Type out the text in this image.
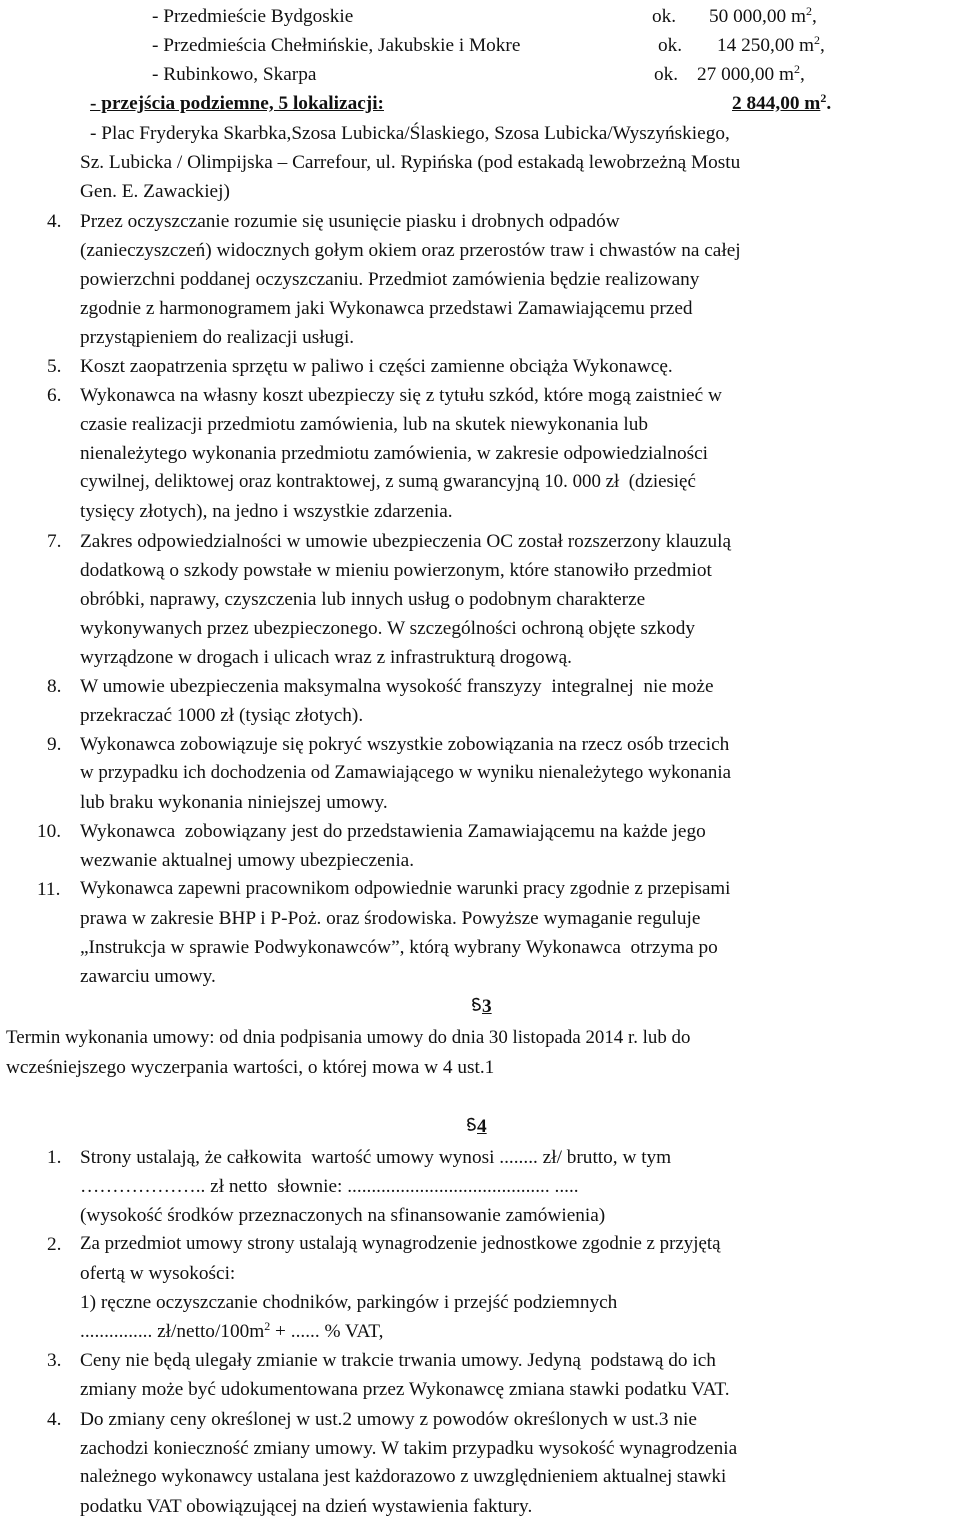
- Przedmieście Bydgoskie	ok. 50 000,00 $m^2$,
- Przedmieścia Chełmińskie, Jakubskie i Mokre	ok. 14 250,00 $m^2$,
- Rubinkowo, Skarpa	ok. 27 000,00 $m^2$,
- przejścia podziemne, 5 lokalizacji:	2 844,00 $m^2$.
- Plac Fryderyka Skarbka,Szosa Lubicka/Ślaskiego, Szosa Lubicka/Wyszyńskiego,
Sz. Lubicka / Olimpijska – Carrefour, ul. Rypińska (pod estakadą lewobrzeżną Mostu
Gen. E. Zawackiej)
4. Przez oczyszczanie rozumie się usunięcie piasku i drobnych odpadów
(zanieczyszczeń) widocznych gołym okiem oraz przerostów traw i chwastów na całej
powierzchni poddanej oczyszczaniu. Przedmiot zamówienia będzie realizowany
zgodnie z harmonogramem jaki Wykonawca przedstawi Zamawiającemu przed
przystąpieniem do realizacji usługi.
5. Koszt zaopatrzenia sprzętu w paliwo i części zamienne obciąża Wykonawcę.
6. Wykonawca na własny koszt ubezpieczy się z tytułu szkód, które mogą zaistnieć w
czasie realizacji przedmiotu zamówienia, lub na skutek niewykonania lub
nienależytego wykonania przedmiotu zamówienia, w zakresie odpowiedzialności
cywilnej, deliktowej oraz kontraktowej, z sumą gwarancyjną 10. 000 zł  (dziesięć
tysięcy złotych), na jedno i wszystkie zdarzenia.
7. Zakres odpowiedzialności w umowie ubezpieczenia OC został rozszerzony klauzulą
dodatkową o szkody powstałe w mieniu powierzonym, które stanowiło przedmiot
obróbki, naprawy, czyszczenia lub innych usług o podobnym charakterze
wykonywanych przez ubezpieczonego. W szczególności ochroną objęte szkody
wyrządzone w drogach i ulicach wraz z infrastrukturą drogową.
8. W umowie ubezpieczenia maksymalna wysokość franszyzy  integralnej  nie może
przekraczać 1000 zł (tysiąc złotych).
9. Wykonawca zobowiązuje się pokryć wszystkie zobowiązania na rzecz osób trzecich
w przypadku ich dochodzenia od Zamawiającego w wyniku nienależytego wykonania
lub braku wykonania niniejszej umowy.
10. Wykonawca  zobowiązany jest do przedstawienia Zamawiającemu na każde jego
wezwanie aktualnej umowy ubezpieczenia.
11. Wykonawca zapewni pracownikom odpowiednie warunki pracy zgodnie z przepisami
prawa w zakresie BHP i P-Poż. oraz środowiska. Powyższe wymaganie reguluje
„Instrukcja w sprawie Podwykonawców”, którą wybrany Wykonawca  otrzyma po
zawarciu umowy.
3
Termin wykonania umowy: od dnia podpisania umowy do dnia 30 listopada 2014 r. lub do
wcześniejszego wyczerpania wartości, o której mowa w 4 ust.1
4
1. Strony ustalają, że całkowita  wartość umowy wynosi ........ zł/ brutto, w tym
……………….. zł netto  słownie: .......................................... .....
(wysokość środków przeznaczonych na sfinansowanie zamówienia)
2. Za przedmiot umowy strony ustalają wynagrodzenie jednostkowe zgodnie z przyjętą
ofertą w wysokości:
1) ręczne oczyszczanie chodników, parkingów i przejść podziemnych
............... $zł/netto/100m^2$ + ...... % VAT,
3. Ceny nie będą ulegały zmianie w trakcie trwania umowy. Jedyną  podstawą do ich
zmiany może być udokumentowana przez Wykonawcę zmiana stawki podatku VAT.
4. Do zmiany ceny określonej w ust.2 umowy z powodów określonych w ust.3 nie
zachodzi konieczność zmiany umowy. W takim przypadku wysokość wynagrodzenia
należnego wykonawcy ustalana jest każdorazowo z uwzględnieniem aktualnej stawki
podatku VAT obowiązującej na dzień wystawienia faktury.
